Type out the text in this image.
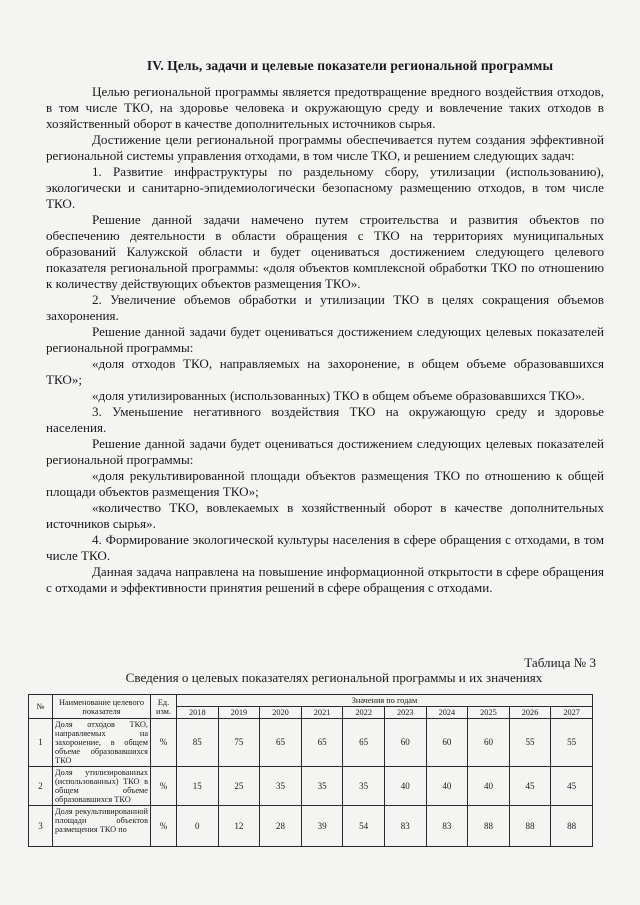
IV. Цель, задачи и целевые показатели региональной программы

Целью региональной программы является предотвращение вредного воздействия отходов, в том числе ТКО, на здоровье человека и окружающую среду и вовлечение таких отходов в хозяйственный оборот в качестве дополнительных источников сырья.

Достижение цели региональной программы обеспечивается путем создания эффективной региональной системы управления отходами, в том числе ТКО, и решением следующих задач:

1. Развитие инфраструктуры по раздельному сбору, утилизации (использованию), экологически и санитарно-эпидемиологически безопасному размещению отходов, в том числе ТКО.

Решение данной задачи намечено путем строительства и развития объектов по обеспечению деятельности в области обращения с ТКО на территориях муниципальных образований Калужской области и будет оцениваться достижением следующего целевого показателя региональной программы: «доля объектов комплексной обработки ТКО по отношению к количеству действующих объектов размещения ТКО».

2. Увеличение объемов обработки и утилизации ТКО в целях сокращения объемов захоронения.

Решение данной задачи будет оцениваться достижением следующих целевых показателей региональной программы:

«доля отходов ТКО, направляемых на захоронение, в общем объеме образовавшихся ТКО»;

«доля утилизированных (использованных) ТКО в общем объеме образовавшихся ТКО».

3. Уменьшение негативного воздействия ТКО на окружающую среду и здоровье населения.

Решение данной задачи будет оцениваться достижением следующих целевых показателей региональной программы:

«доля рекультивированной площади объектов размещения ТКО по отношению к общей площади объектов размещения ТКО»;

«количество ТКО, вовлекаемых в хозяйственный оборот в качестве дополнительных источников сырья».

4. Формирование экологической культуры населения в сфере обращения с отходами, в том числе ТКО.

Данная задача направлена на повышение информационной открытости в сфере обращения с отходами и эффективности принятия решений в сфере обращения с отходами.

Таблица № 3
Сведения о целевых показателях региональной программы и их значениях
№	Наименование целевого показателя	Ед. изм.	Значения по годам									
			2018	2019	2020	2021	2022	2023	2024	2025	2026	2027
1	Доля отходов ТКО, направляемых на захоронение, в общем объеме образовавшихся ТКО	%	85	75	65	65	65	60	60	60	55	55
2	Доля утилизированных (использованных) ТКО в общем объеме образовавшихся ТКО	%	15	25	35	35	35	40	40	40	45	45
3	Доля рекультивированной площади объектов размещения ТКО по	%	0	12	28	39	54	83	83	88	88	88
